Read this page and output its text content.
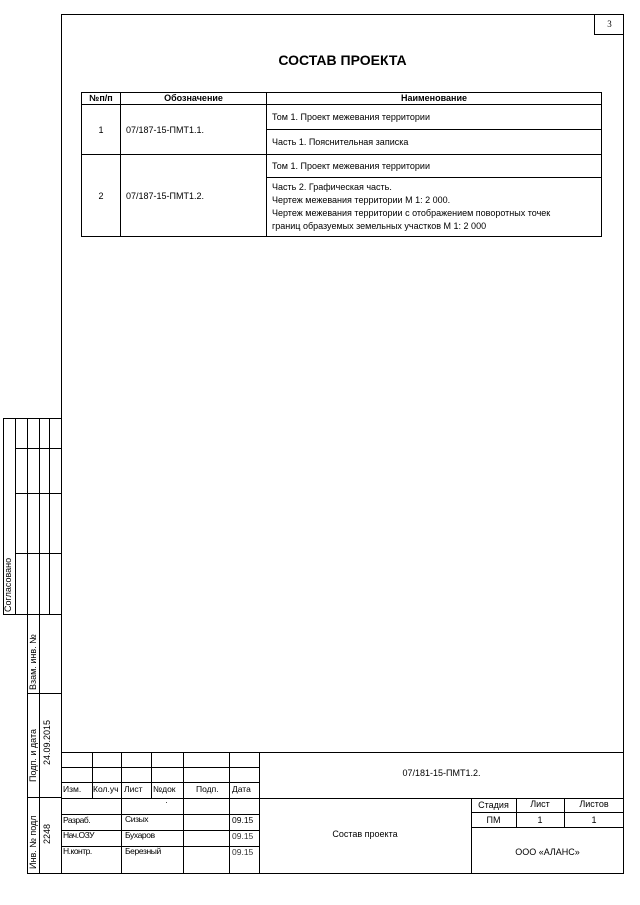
3
СОСТАВ ПРОЕКТА
№п/п	Обозначение	Наименование
1	07/187-15-ПМТ1.1.	Том 1. Проект межевания территории
		Часть 1. Пояснительная записка
2	07/187-15-ПМТ1.2.	Том 1. Проект межевания территории

		Часть 2. Графическая часть.
Чертеж межевания территории М 1: 2 000.
Чертеж межевания территории с отображением поворотных точек
границ образуемых земельных участков М 1: 2 000
Согласовано
Взам. инв. №
Подп. и дата 24.09.2015
Инв. № подл 2248
07/181-15-ПМТ1.2.
Изм. Кол.уч Лист №док Подп. Дата
·
Разраб.	Сизых	09.15
Нач.ОЗУ	Бухаров	09.15
Н.контр.	Березный	09.15
Состав проекта
Стадия	Лист	Листов
ПМ	1	1
ООО «АЛАНС»
